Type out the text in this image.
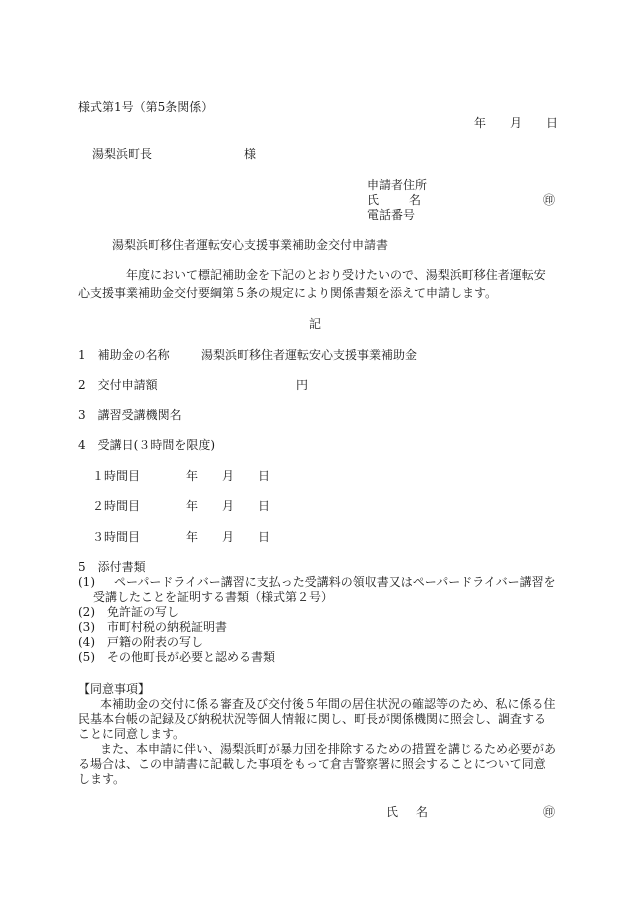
様式第1号（第5条関係）
年 月 日
湯梨浜町長	様
申請者住所
氏	名	㊞
電話番号
湯梨浜町移住者運転安心支援事業補助金交付申請書
年度において標記補助金を下記のとおり受けたいので、湯梨浜町移住者運転安
心支援事業補助金交付要綱第５条の規定により関係書類を添えて申請します。
記
1　補助金の名称	湯梨浜町移住者運転安心支援事業補助金
2　交付申請額	円
3　講習受講機関名
4　受講日(３時間を限度)
１時間目	年 月 日
２時間目	年 月 日
３時間目	年 月 日
5　添付書類
(1) ペーパードライバー講習に支払った受講料の領収書又はペーパードライバー講習を
受講したことを証明する書類（様式第２号）
(2)　免許証の写し
(3)　市町村税の納税証明書
(4)　戸籍の附表の写し
(5)　その他町長が必要と認める書類
【同意事項】
本補助金の交付に係る審査及び交付後５年間の居住状況の確認等のため、私に係る住
民基本台帳の記録及び納税状況等個人情報に関し、町長が関係機関に照会し、調査する
ことに同意します。
また、本申請に伴い、湯梨浜町が暴力団を排除するための措置を講じるため必要があ
る場合は、この申請書に記載した事項をもって倉吉警察署に照会することについて同意
します。
氏 名	㊞
